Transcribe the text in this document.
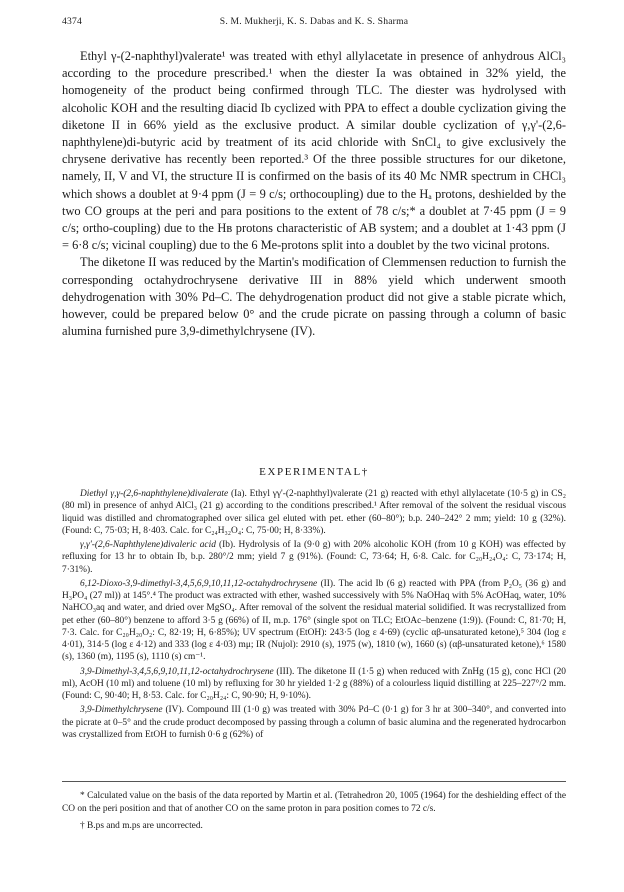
4374	S. M. Mukherji, K. S. Dabas and K. S. Sharma

Ethyl γ-(2-naphthyl)valerate¹ was treated with ethyl allylacetate in presence of anhydrous AlCl₃ according to the procedure prescribed.¹ when the diester Ia was obtained in 32% yield, the homogeneity of the product being confirmed through TLC. The diester was hydrolysed with alcoholic KOH and the resulting diacid Ib cyclized with PPA to effect a double cyclization giving the diketone II in 66% yield as the exclusive product. A similar double cyclization of γ,γ'-(2,6-naphthylene)di-butyric acid by treatment of its acid chloride with SnCl₄ to give exclusively the chrysene derivative has recently been reported.³ Of the three possible structures for our diketone, namely, II, V and VI, the structure II is confirmed on the basis of its 40 Mc NMR spectrum in CHCl₃ which shows a doublet at 9·4 ppm (J = 9 c/s; orthocoupling) due to the Hₐ protons, deshielded by the two CO groups at the peri and para positions to the extent of 78 c/s;* a doublet at 7·45 ppm (J = 9 c/s; ortho-coupling) due to the Hʙ protons characteristic of AB system; and a doublet at 1·43 ppm (J = 6·8 c/s; vicinal coupling) due to the 6 Me-protons split into a doublet by the two vicinal protons.

The diketone II was reduced by the Martin's modification of Clemmensen reduction to furnish the corresponding octahydrochrysene derivative III in 88% yield which underwent smooth dehydrogenation with 30% Pd–C. The dehydrogenation product did not give a stable picrate which, however, could be prepared below 0° and the crude picrate on passing through a column of basic alumina furnished pure 3,9-dimethylchrysene (IV).

EXPERIMENTAL†

Diethyl γ,γ-(2,6-naphthylene)divalerate (Ia). Ethyl γγ'-(2-naphthyl)valerate (21 g) reacted with ethyl allylacetate (10·5 g) in CS₂ (80 ml) in presence of anhyd AlCl₃ (21 g) according to the conditions prescribed.¹ After removal of the solvent the residual viscous liquid was distilled and chromatographed over silica gel eluted with pet. ether (60–80°); b.p. 240–242° 2 mm; yield: 10 g (32%). (Found: C, 75·03; H, 8·403. Calc. for C₂₄H₃₂O₄: C, 75·00; H, 8·33%).

γ,γ'-(2,6-Naphthylene)divaleric acid (Ib). Hydrolysis of Ia (9·0 g) with 20% alcoholic KOH (from 10 g KOH) was effected by refluxing for 13 hr to obtain Ib, b.p. 280°/2 mm; yield 7 g (91%). (Found: C, 73·64; H, 6·8. Calc. for C₂₀H₂₄O₄: C, 73·174; H, 7·31%).

6,12-Dioxo-3,9-dimethyl-3,4,5,6,9,10,11,12-octahydrochrysene (II). The acid Ib (6 g) reacted with PPA (from P₂O₅ (36 g) and H₃PO₄ (27 ml)) at 145°.⁴ The product was extracted with ether, washed successively with 5% NaOHaq with 5% AcOHaq, water, 10% NaHCO₃aq and water, and dried over MgSO₄. After removal of the solvent the residual material solidified. It was recrystallized from pet ether (60–80°) benzene to afford 3·5 g (66%) of II, m.p. 176° (single spot on TLC; EtOAc–benzene (1:9)). (Found: C, 81·70; H, 7·3. Calc. for C₂₀H₂₀O₂: C, 82·19; H, 6·85%); UV spectrum (EtOH): 243·5 (log ε 4·69) (cyclic αβ-unsaturated ketone),⁵ 304 (log ε 4·01), 314·5 (log ε 4·12) and 333 (log ε 4·03) mμ; IR (Nujol): 2910 (s), 1975 (w), 1810 (w), 1660 (s) (αβ-unsaturated ketone),⁶ 1580 (s), 1360 (m), 1195 (s), 1110 (s) cm⁻¹.

3,9-Dimethyl-3,4,5,6,9,10,11,12-octahydrochrysene (III). The diketone II (1·5 g) when reduced with ZnHg (15 g), conc HCl (20 ml), AcOH (10 ml) and toluene (10 ml) by refluxing for 30 hr yielded 1·2 g (88%) of a colourless liquid distilling at 225–227°/2 mm. (Found: C, 90·40; H, 8·53. Calc. for C₂₀H₂₄: C, 90·90; H, 9·10%).

3,9-Dimethylchrysene (IV). Compound III (1·0 g) was treated with 30% Pd–C (0·1 g) for 3 hr at 300–340°, and converted into the picrate at 0–5° and the crude product decomposed by passing through a column of basic alumina and the regenerated hydrocarbon was crystallized from EtOH to furnish 0·6 g (62%) of

* Calculated value on the basis of the data reported by Martin et al. (Tetrahedron 20, 1005 (1964) for the deshielding effect of the CO on the peri position and that of another CO on the same proton in para position comes to 72 c/s.

† B.ps and m.ps are uncorrected.
